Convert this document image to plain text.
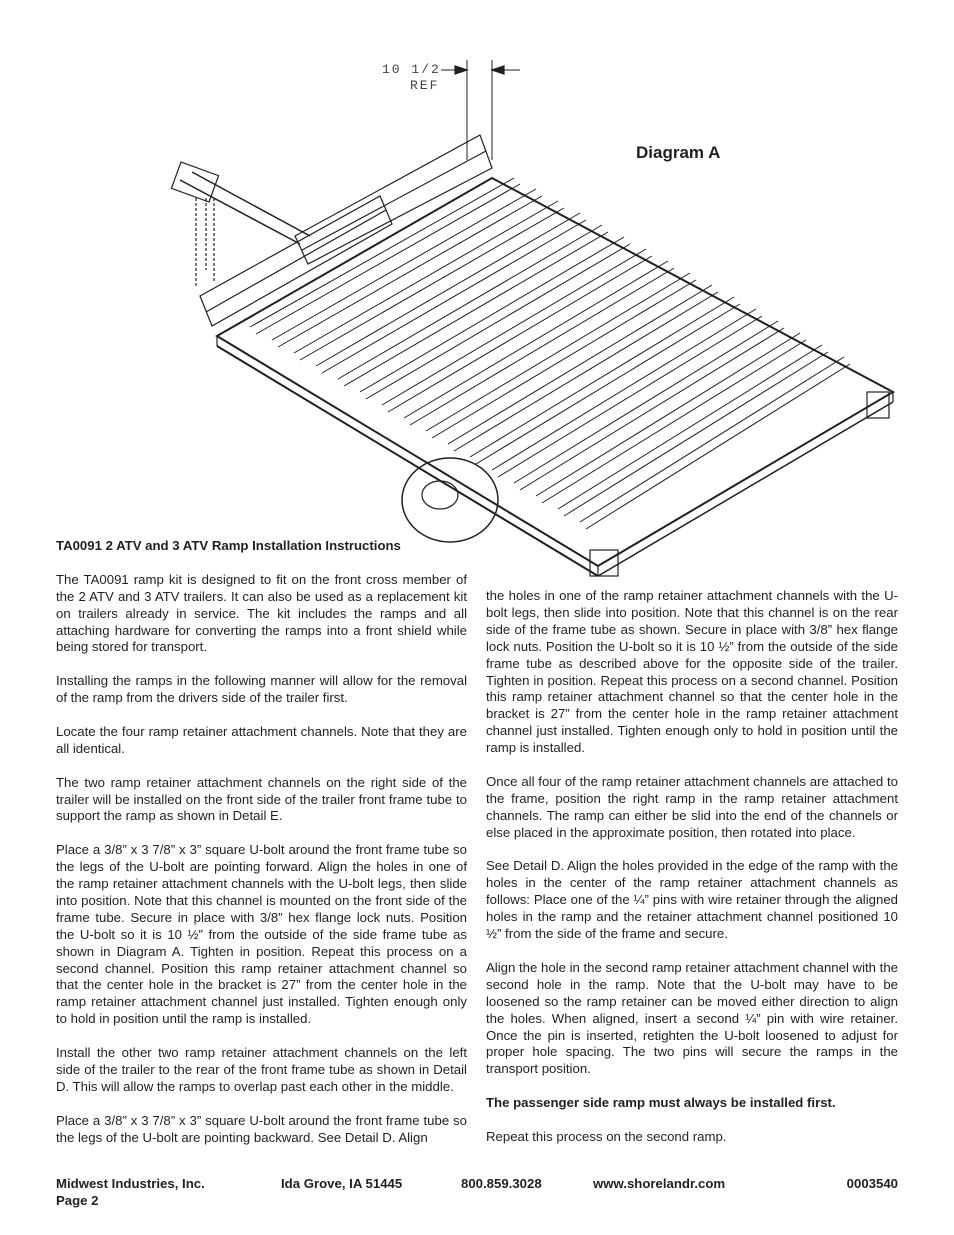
Diagram A
10 1/2
REF

TA0091 2 ATV and 3 ATV Ramp Installation Instructions

The TA0091 ramp kit is designed to fit on the front cross member of the 2 ATV and 3 ATV trailers. It can also be used as a replacement kit on trailers already in service. The kit includes the ramps and all attaching hardware for converting the ramps into a front shield while being stored for transport.

Installing the ramps in the following manner will allow for the removal of the ramp from the drivers side of the trailer first.

Locate the four ramp retainer attachment channels. Note that they are all identical.

The two ramp retainer attachment channels on the right side of the trailer will be installed on the front side of the trailer front frame tube to support the ramp as shown in Detail E.

Place a 3/8” x 3 7/8” x 3” square U-bolt around the front frame tube so the legs of the U-bolt are pointing forward. Align the holes in one of the ramp retainer attachment channels with the U-bolt legs, then slide into position. Note that this channel is mounted on the front side of the frame tube. Secure in place with 3/8” hex flange lock nuts. Position the U-bolt so it is 10 ½” from the outside of the side frame tube as shown in Diagram A. Tighten in position. Repeat this process on a second channel. Position this ramp retainer attachment channel so that the center hole in the bracket is 27” from the center hole in the ramp retainer attachment channel just installed. Tighten enough only to hold in position until the ramp is installed.

Install the other two ramp retainer attachment channels on the left side of the trailer to the rear of the front frame tube as shown in Detail D. This will allow the ramps to overlap past each other in the middle.

Place a 3/8” x 3 7/8” x 3” square U-bolt around the front frame tube so the legs of the U-bolt are pointing backward. See Detail D. Align

the holes in one of the ramp retainer attachment channels with the U-bolt legs, then slide into position. Note that this channel is on the rear side of the frame tube as shown. Secure in place with 3/8” hex flange lock nuts. Position the U-bolt so it is 10 ½” from the outside of the side frame tube as described above for the opposite side of the trailer. Tighten in position. Repeat this process on a second channel. Position this ramp retainer attachment channel so that the center hole in the bracket is 27” from the center hole in the ramp retainer attachment channel just installed. Tighten enough only to hold in position until the ramp is installed.

Once all four of the ramp retainer attachment channels are attached to the frame, position the right ramp in the ramp retainer attachment channels. The ramp can either be slid into the end of the channels or else placed in the approximate position, then rotated into place.

See Detail D. Align the holes provided in the edge of the ramp with the holes in the center of the ramp retainer attachment channels as follows: Place one of the ¼” pins with wire retainer through the aligned holes in the ramp and the retainer attachment channel positioned 10 ½” from the side of the frame and secure.

Align the hole in the second ramp retainer attachment channel with the second hole in the ramp. Note that the U-bolt may have to be loosened so the ramp retainer can be moved either direction to align the holes. When aligned, insert a second ¼” pin with wire retainer. Once the pin is inserted, retighten the U-bolt loosened to adjust for proper hole spacing. The two pins will secure the ramps in the transport position.

The passenger side ramp must always be installed first.

Repeat this process on the second ramp.

Midwest Industries, Inc.	Ida Grove, IA 51445	800.859.3028	www.shorelandr.com	0003540
Page 2
